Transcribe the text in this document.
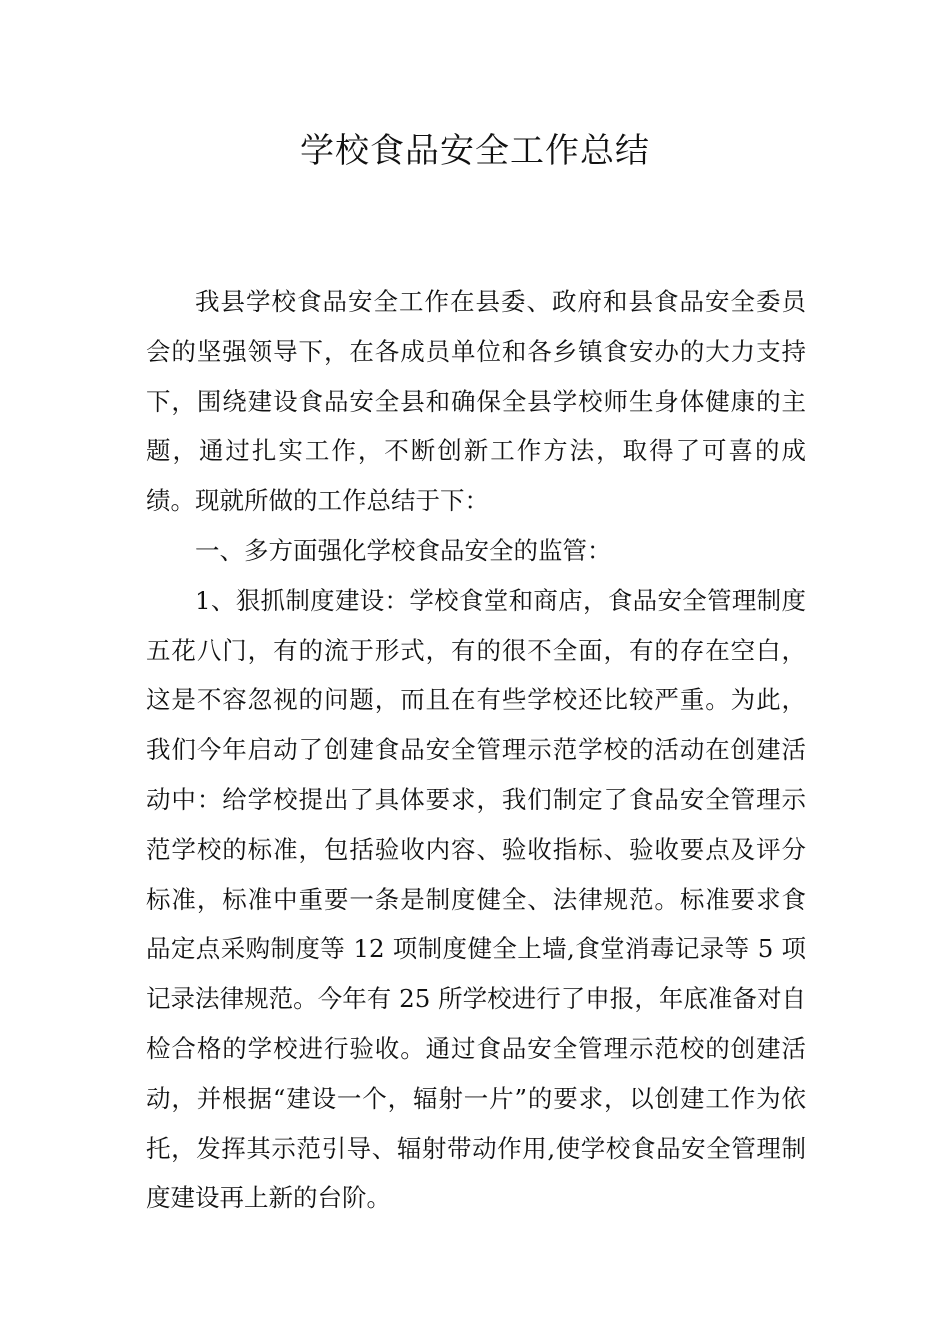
学校食品安全工作总结

我县学校食品安全工作在县委、政府和县食品安全委员会的坚强领导下，在各成员单位和各乡镇食安办的大力支持下，围绕建设食品安全县和确保全县学校师生身体健康的主题，通过扎实工作，不断创新工作方法，取得了可喜的成绩。现就所做的工作总结于下：

一、多方面强化学校食品安全的监管：

1、狠抓制度建设：学校食堂和商店，食品安全管理制度五花八门，有的流于形式，有的很不全面，有的存在空白，这是不容忽视的问题，而且在有些学校还比较严重。为此，我们今年启动了创建食品安全管理示范学校的活动在创建活动中：给学校提出了具体要求，我们制定了食品安全管理示范学校的标准，包括验收内容、验收指标、验收要点及评分标准，标准中重要一条是制度健全、法律规范。标准要求食品定点采购制度等 12 项制度健全上墙,食堂消毒记录等 5 项记录法律规范。今年有 25 所学校进行了申报，年底准备对自检合格的学校进行验收。通过食品安全管理示范校的创建活动，并根据“建设一个，辐射一片”的要求，以创建工作为依托，发挥其示范引导、辐射带动作用,使学校食品安全管理制度建设再上新的台阶。
